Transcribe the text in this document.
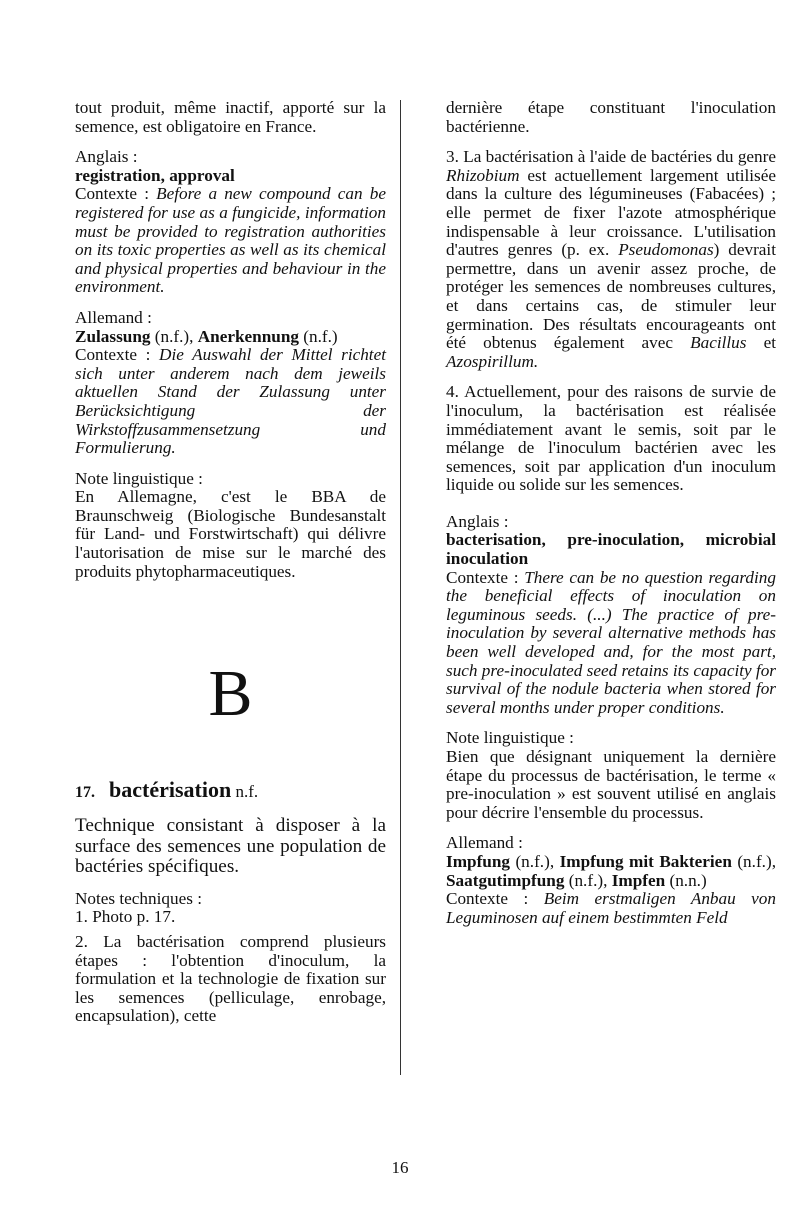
tout produit, même inactif, apporté sur la semence, est obligatoire en France.

Anglais :

registration, approval

Contexte : Before a new compound can be registered for use as a fungicide, information must be provided to registration authorities on its toxic properties as well as its chemical and physical properties and behaviour in the environment.

Allemand :

Zulassung (n.f.), Anerkennung (n.f.)

Contexte : Die Auswahl der Mittel richtet sich unter anderem nach dem jeweils aktuellen Stand der Zulassung unter Berücksichtigung der Wirkstoffzusammensetzung und Formulierung.

Note linguistique :

En Allemagne, c'est le BBA de Braunschweig (Biologische Bundesanstalt für Land- und Forstwirtschaft) qui délivre l'autorisation de mise sur le marché des produits phytopharmaceutiques.

B
17. bactérisation n.f.

Technique consistant à disposer à la surface des semences une population de bactéries spécifiques.

Notes techniques :

1. Photo p. 17.

2. La bactérisation comprend plusieurs étapes : l'obtention d'inoculum, la formulation et la technologie de fixation sur les semences (pelliculage, enrobage, encapsulation), cette

dernière étape constituant l'inoculation bactérienne.

3. La bactérisation à l'aide de bactéries du genre Rhizobium est actuellement largement utilisée dans la culture des légumineuses (Fabacées) ; elle permet de fixer l'azote atmosphérique indispensable à leur croissance. L'utilisation d'autres genres (p. ex. Pseudomonas) devrait permettre, dans un avenir assez proche, de protéger les semences de nombreuses cultures, et dans certains cas, de stimuler leur germination. Des résultats encourageants ont été obtenus également avec Bacillus et Azospirillum.

4. Actuellement, pour des raisons de survie de l'inoculum, la bactérisation est réalisée immédiatement avant le semis, soit par le mélange de l'inoculum bactérien avec les semences, soit par application d'un inoculum liquide ou solide sur les semences.

Anglais :

bacterisation, pre-inoculation, microbial inoculation

Contexte : There can be no question regarding the beneficial effects of inoculation on leguminous seeds. (...) The practice of pre-inoculation by several alternative methods has been well developed and, for the most part, such pre-inoculated seed retains its capacity for survival of the nodule bacteria when stored for several months under proper conditions.

Note linguistique :

Bien que désignant uniquement la dernière étape du processus de bactérisation, le terme « pre-inoculation » est souvent utilisé en anglais pour décrire l'ensemble du processus.

Allemand :

Impfung (n.f.), Impfung mit Bakterien (n.f.), Saatgutimpfung (n.f.), Impfen (n.n.)

Contexte : Beim erstmaligen Anbau von Leguminosen auf einem bestimmten Feld

16
